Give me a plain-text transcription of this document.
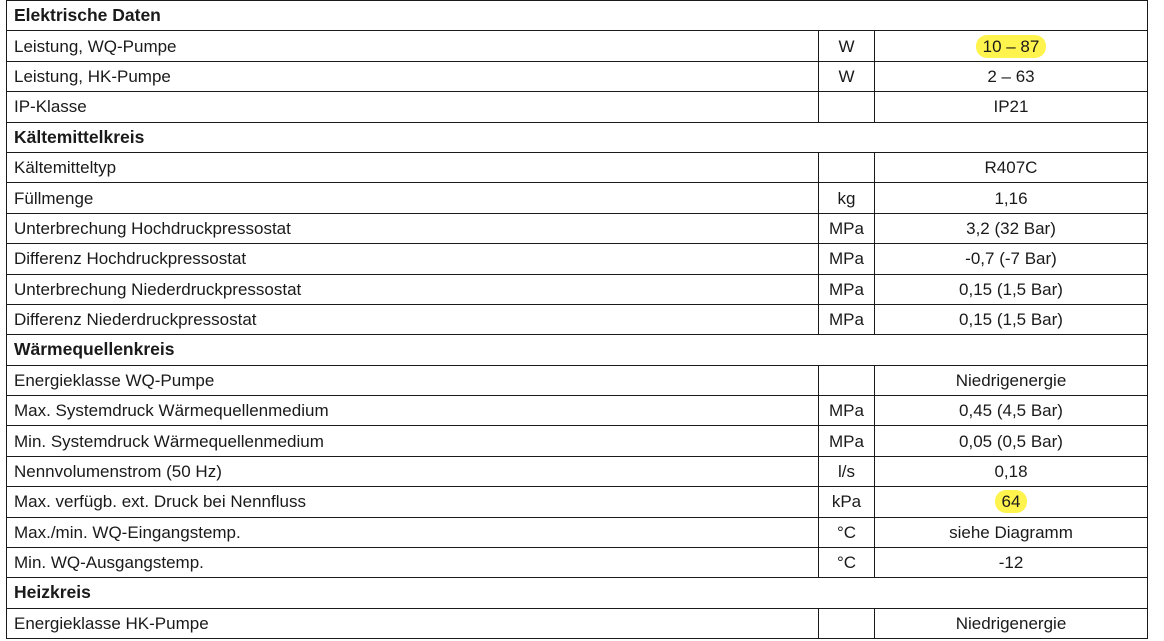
Elektrische Daten		
Leistung, WQ-Pumpe	W	10 – 87
Leistung, HK-Pumpe	W	2 – 63
IP-Klasse		IP21
Kältemittelkreis		
Kältemitteltyp		R407C
Füllmenge	kg	1,16
Unterbrechung Hochdruckpressostat	MPa	3,2 (32 Bar)
Differenz Hochdruckpressostat	MPa	-0,7 (-7 Bar)
Unterbrechung Niederdruckpressostat	MPa	0,15 (1,5 Bar)
Differenz Niederdruckpressostat	MPa	0,15 (1,5 Bar)
Wärmequellenkreis		
Energieklasse WQ-Pumpe		Niedrigenergie
Max. Systemdruck Wärmequellenmedium	MPa	0,45 (4,5 Bar)
Min. Systemdruck Wärmequellenmedium	MPa	0,05 (0,5 Bar)
Nennvolumenstrom (50 Hz)	l/s	0,18
Max. verfügb. ext. Druck bei Nennfluss	kPa	64
Max./min. WQ-Eingangstemp.	°C	siehe Diagramm
Min. WQ-Ausgangstemp.	°C	-12
Heizkreis		
Energieklasse HK-Pumpe		Niedrigenergie
